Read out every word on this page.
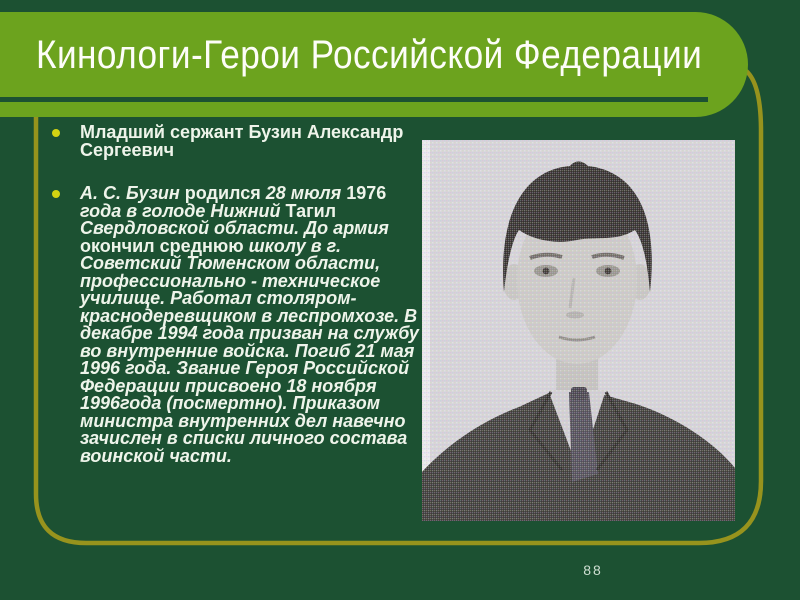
Кинологи-Герои Российской Федерации
Младший сержант Бузин Александр Сергеевич
А. С. Бузин родился 28 мюля 1976 года в голоде Нижний Тагил Свердловской области. До армия окончил среднюю школу в г. Советский Тюменском области, профессионально - техническое училище. Работал столяром-краснодеревщиком в леспромхозе. В декабре 1994 года призван на службу во внутренние войска. Погиб 21 мая 1996 года. Звание Героя Российской Федерации присвоено 18 ноября 1996года (посмертно). Приказом министра внутренних дел навечно зачислен в списки личного состава воинской части.
88
